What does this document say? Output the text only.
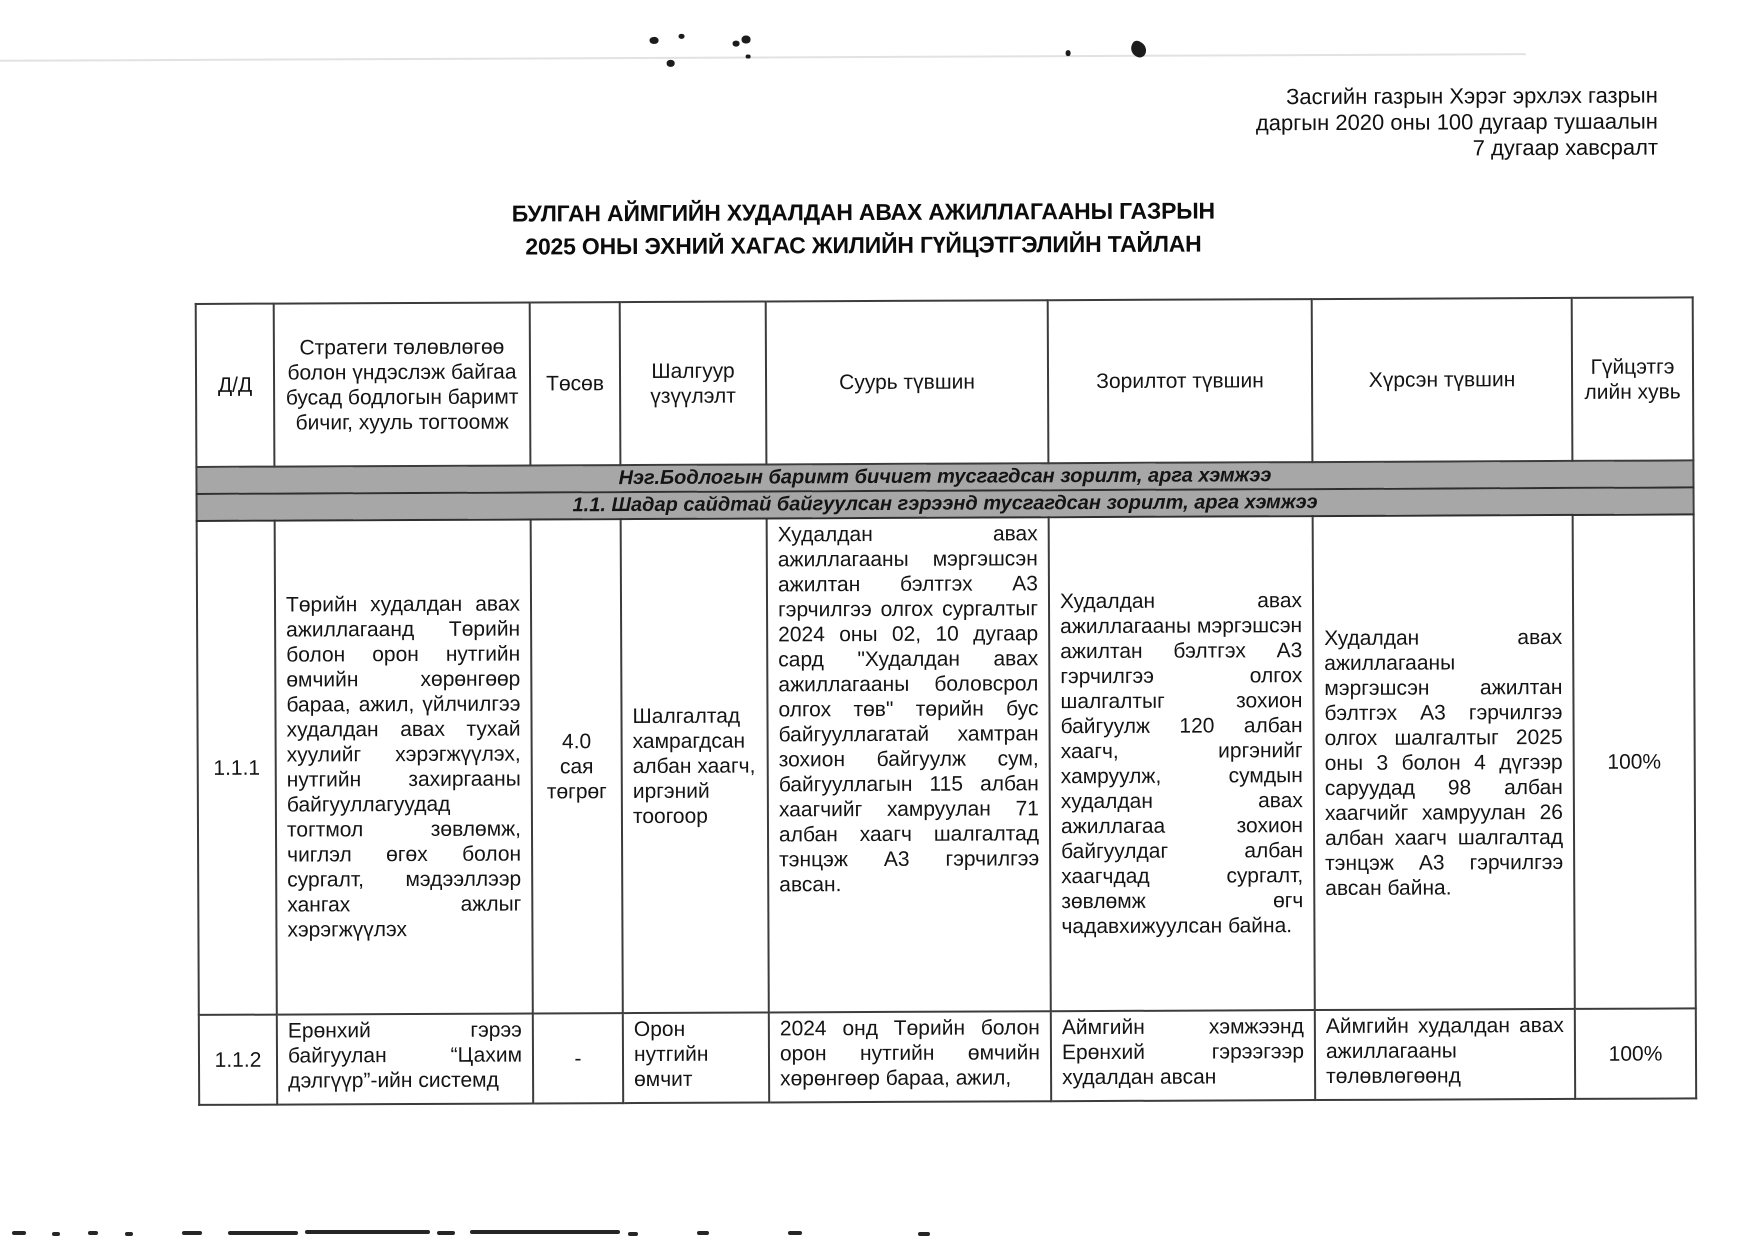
Засгийн газрын Хэрэг эрхлэх газрын
даргын 2020 оны 100 дугаар тушаалын
7 дугаар хавсралт
БУЛГАН АЙМГИЙН ХУДАЛДАН АВАХ АЖИЛЛАГААНЫ ГАЗРЫН
2025 ОНЫ ЭХНИЙ ХАГАС ЖИЛИЙН ГҮЙЦЭТГЭЛИЙН ТАЙЛАН
Д/Д	Стратеги төлөвлөгөө болон үндэслэж байгаа бусад бодлогын баримт бичиг, хууль тогтоомж	Төсөв	Шалгуур үзүүлэлт	Суурь түвшин	Зорилтот түвшин	Хүрсэн түвшин	Гүйцэтгэ лийн хувь
Нэг.Бодлогын баримт бичигт тусгагдсан зорилт, арга хэмжээ							
1.1. Шадар сайдтай байгуулсан гэрээнд тусгагдсан зорилт, арга хэмжээ							
1.1.1	Төрийн худалдан авах ажиллагаанд Төрийн болон орон нутгийн өмчийн хөрөнгөөр бараа, ажил, үйлчилгээ худалдан авах тухай хуулийг хэрэгжүүлэх, нутгийн захиргааны байгууллагуудад тогтмол зөвлөмж, чиглэл өгөх болон сургалт, мэдээллээр хангах ажлыг хэрэгжүүлэх	4.0 сая төгрөг	Шалгалтад хамрагдсан албан хаагч, иргэний тоогоор	Худалдан авах ажиллагааны мэргэшсэн ажилтан бэлтгэх А3 гэрчилгээ олгох сургалтыг 2024 оны 02, 10 дугаар сард "Худалдан авах ажиллагааны боловсрол олгох төв" төрийн бус байгууллагатай хамтран зохион байгуулж сум, байгууллагын 115 албан хаагчийг хамруулан 71 албан хаагч шалгалтад тэнцэж А3 гэрчилгээ авсан.	Худалдан авах ажиллагааны мэргэшсэн ажилтан бэлтгэх А3 гэрчилгээ олгох шалгалтыг зохион байгуулж 120 албан хаагч, иргэнийг хамруулж, сумдын худалдан авах ажиллагаа зохион байгуулдаг албан хаагчдад сургалт, зөвлөмж өгч чадавхижуулсан байна.	Худалдан авах ажиллагааны мэргэшсэн ажилтан бэлтгэх А3 гэрчилгээ олгох шалгалтыг 2025 оны 3 болон 4 дүгээр саруудад 98 албан хаагчийг хамруулан 26 албан хаагч шалгалтад тэнцэж А3 гэрчилгээ авсан байна.	100%
1.1.2	Ерөнхий гэрээ байгуулан “Цахим дэлгүүр”-ийн системд	-	Орон нутгийн өмчит	2024 онд Төрийн болон орон нутгийн өмчийн хөрөнгөөр бараа, ажил,	Аймгийн хэмжээнд Ерөнхий гэрээгээр худалдан авсан	Аймгийн худалдан авах ажиллагааны төлөвлөгөөнд	100%
